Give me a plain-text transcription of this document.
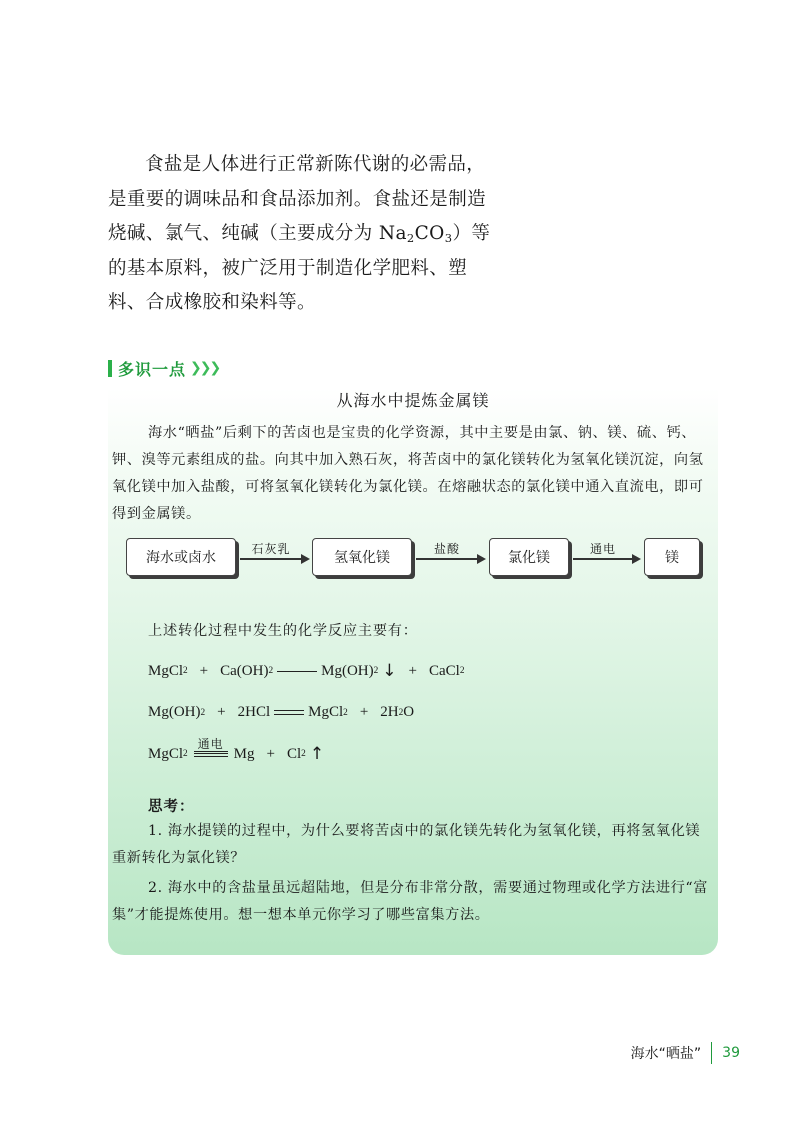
食盐是人体进行正常新陈代谢的必需品，是重要的调味品和食品添加剂。食盐还是制造烧碱、氯气、纯碱（主要成分为 $Na_2CO_3$）等的基本原料，被广泛用于制造化学肥料、塑料、合成橡胶和染料等。

多识一点 ❯❯❯
从海水中提炼金属镁

海水“晒盐”后剩下的苦卤也是宝贵的化学资源，其中主要是由氯、钠、镁、硫、钙、钾、溴等元素组成的盐。向其中加入熟石灰，将苦卤中的氯化镁转化为氢氧化镁沉淀，向氢氧化镁中加入盐酸，可将氢氧化镁转化为氯化镁。在熔融状态的氯化镁中通入直流电，即可得到金属镁。

海水或卤水
石灰乳
氢氧化镁
盐酸
氯化镁
通电
镁
上述转化过程中发生的化学反应主要有：
MgCl 2 + Ca(OH) 2	Mg(OH) 2 ↓ + CaCl 2
Mg(OH) 2 + 2HCl	MgCl 2 + 2H 2 O
MgCl 2
通电
Mg + Cl 2 ↑
思考：

1. 海水提镁的过程中，为什么要将苦卤中的氯化镁先转化为氢氧化镁，再将氢氧化镁重新转化为氯化镁？

2. 海水中的含盐量虽远超陆地，但是分布非常分散，需要通过物理或化学方法进行“富集”才能提炼使用。想一想本单元你学习了哪些富集方法。

海水“晒盐” 39
